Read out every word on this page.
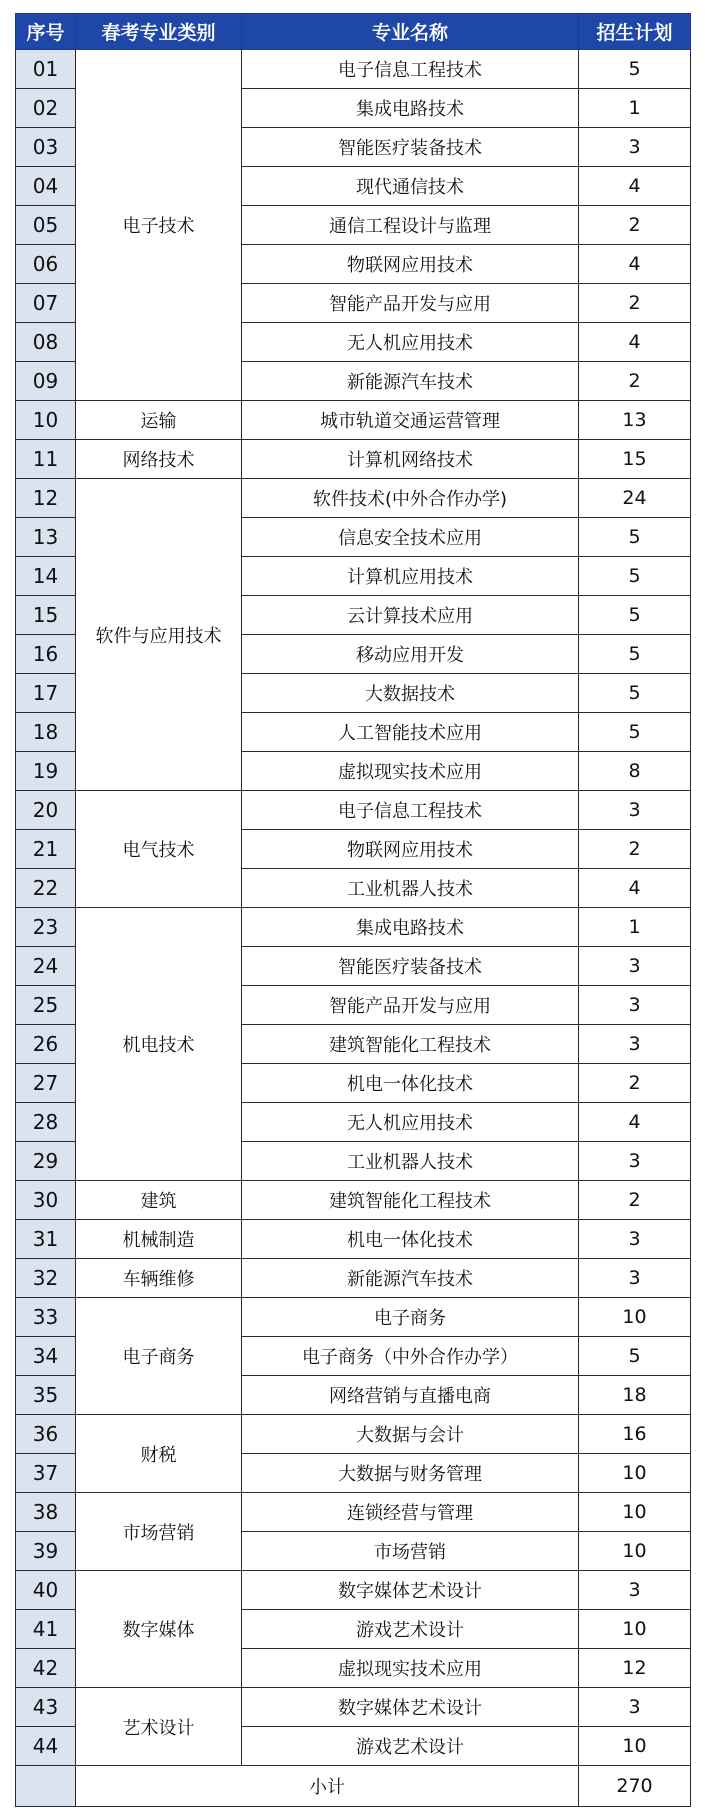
序号	春考专业类别	专业名称	招生计划
01	电子技术	电子信息工程技术	5
02		集成电路技术	1
03		智能医疗装备技术	3
04		现代通信技术	4
05		通信工程设计与监理	2
06		物联网应用技术	4
07		智能产品开发与应用	2
08		无人机应用技术	4
09		新能源汽车技术	2
10	运输	城市轨道交通运营管理	13
11	网络技术	计算机网络技术	15
12	软件与应用技术	软件技术(中外合作办学)	24
13		信息安全技术应用	5
14		计算机应用技术	5
15		云计算技术应用	5
16		移动应用开发	5
17		大数据技术	5
18		人工智能技术应用	5
19		虚拟现实技术应用	8
20	电气技术	电子信息工程技术	3
21		物联网应用技术	2
22		工业机器人技术	4
23	机电技术	集成电路技术	1
24		智能医疗装备技术	3
25		智能产品开发与应用	3
26		建筑智能化工程技术	3
27		机电一体化技术	2
28		无人机应用技术	4
29		工业机器人技术	3
30	建筑	建筑智能化工程技术	2
31	机械制造	机电一体化技术	3
32	车辆维修	新能源汽车技术	3
33	电子商务	电子商务	10
34		电子商务（中外合作办学）	5
35		网络营销与直播电商	18
36	财税	大数据与会计	16
37		大数据与财务管理	10
38	市场营销	连锁经营与管理	10
39		市场营销	10
40	数字媒体	数字媒体艺术设计	3
41		游戏艺术设计	10
42		虚拟现实技术应用	12
43	艺术设计	数字媒体艺术设计	3
44		游戏艺术设计	10
	小计		270
